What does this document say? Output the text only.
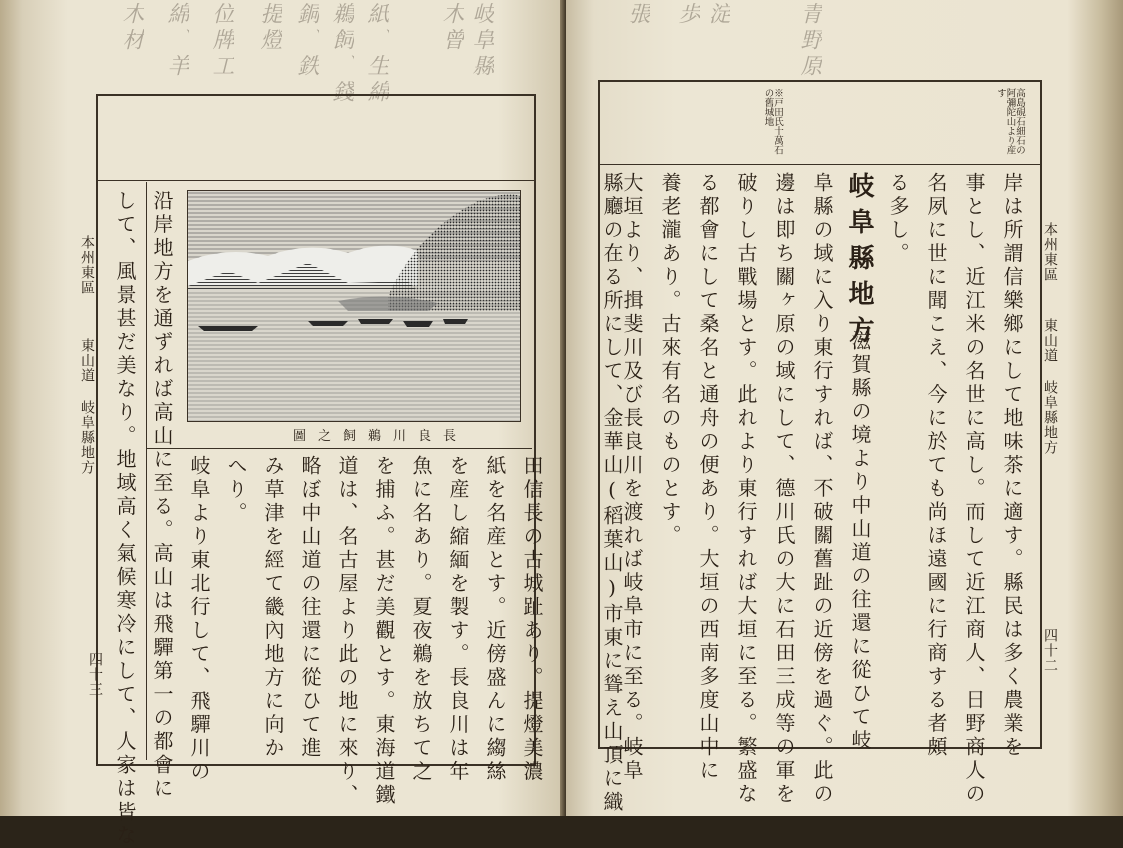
岐阜縣
木曾
紙、生綿
鵜飼、錢
銅、鉄
提燈
位牌工
綿、羊
木材
本州東區
東山道 岐阜縣地方
四十三
長良川鵜飼之圖
田信長の古城趾あり。提燈美濃
紙を名産とす。近傍盛んに縐絲
を産し縮緬を製す。長良川は年
魚に名あり。夏夜鵜を放ちて之
を捕ふ。甚だ美觀とす。東海道鐵
道は、名古屋より此の地に來り、
略ぼ中山道の往還に從ひて進
み草津を經て畿內地方に向か
へり。
岐阜より東北行して、飛驒川の
沿岸地方を通ずれば高山に至る。高山は飛驒第一の都會に
して、風景甚だ美なり。地域高く氣候寒冷にして、人家は皆な
青野原
淀
歩
張
高島硯石細石の阿彌陀山より産す
※戸田氏十萬石の舊城地
本州東區
東山道 岐阜縣地方
四十二
岸は所謂信樂鄉にして地味茶に適す。縣民は多く農業を
事とし、近江米の名世に高し。而して近江商人、日野商人の
名夙に世に聞こえ、今に於ても尚ほ遠國に行商する者頗
る多し。
岐阜縣地方
滋賀縣の境より中山道の往還に從ひて岐
阜縣の域に入り東行すれば、不破關舊趾の近傍を過ぐ。此の
邊は即ち關ヶ原の域にして、德川氏の大に石田三成等の軍を
破りし古戰場とす。此れより東行すれば大垣に至る。繁盛な
る都會にして桑名と通舟の便あり。大垣の西南多度山中に
養老瀧あり。古來有名のものとす。
大垣より、揖斐川及び長良川を渡れば岐阜市に至る。岐阜
縣廳の在る所にして、金華山(稻葉山)市東に聳え山頂に織
